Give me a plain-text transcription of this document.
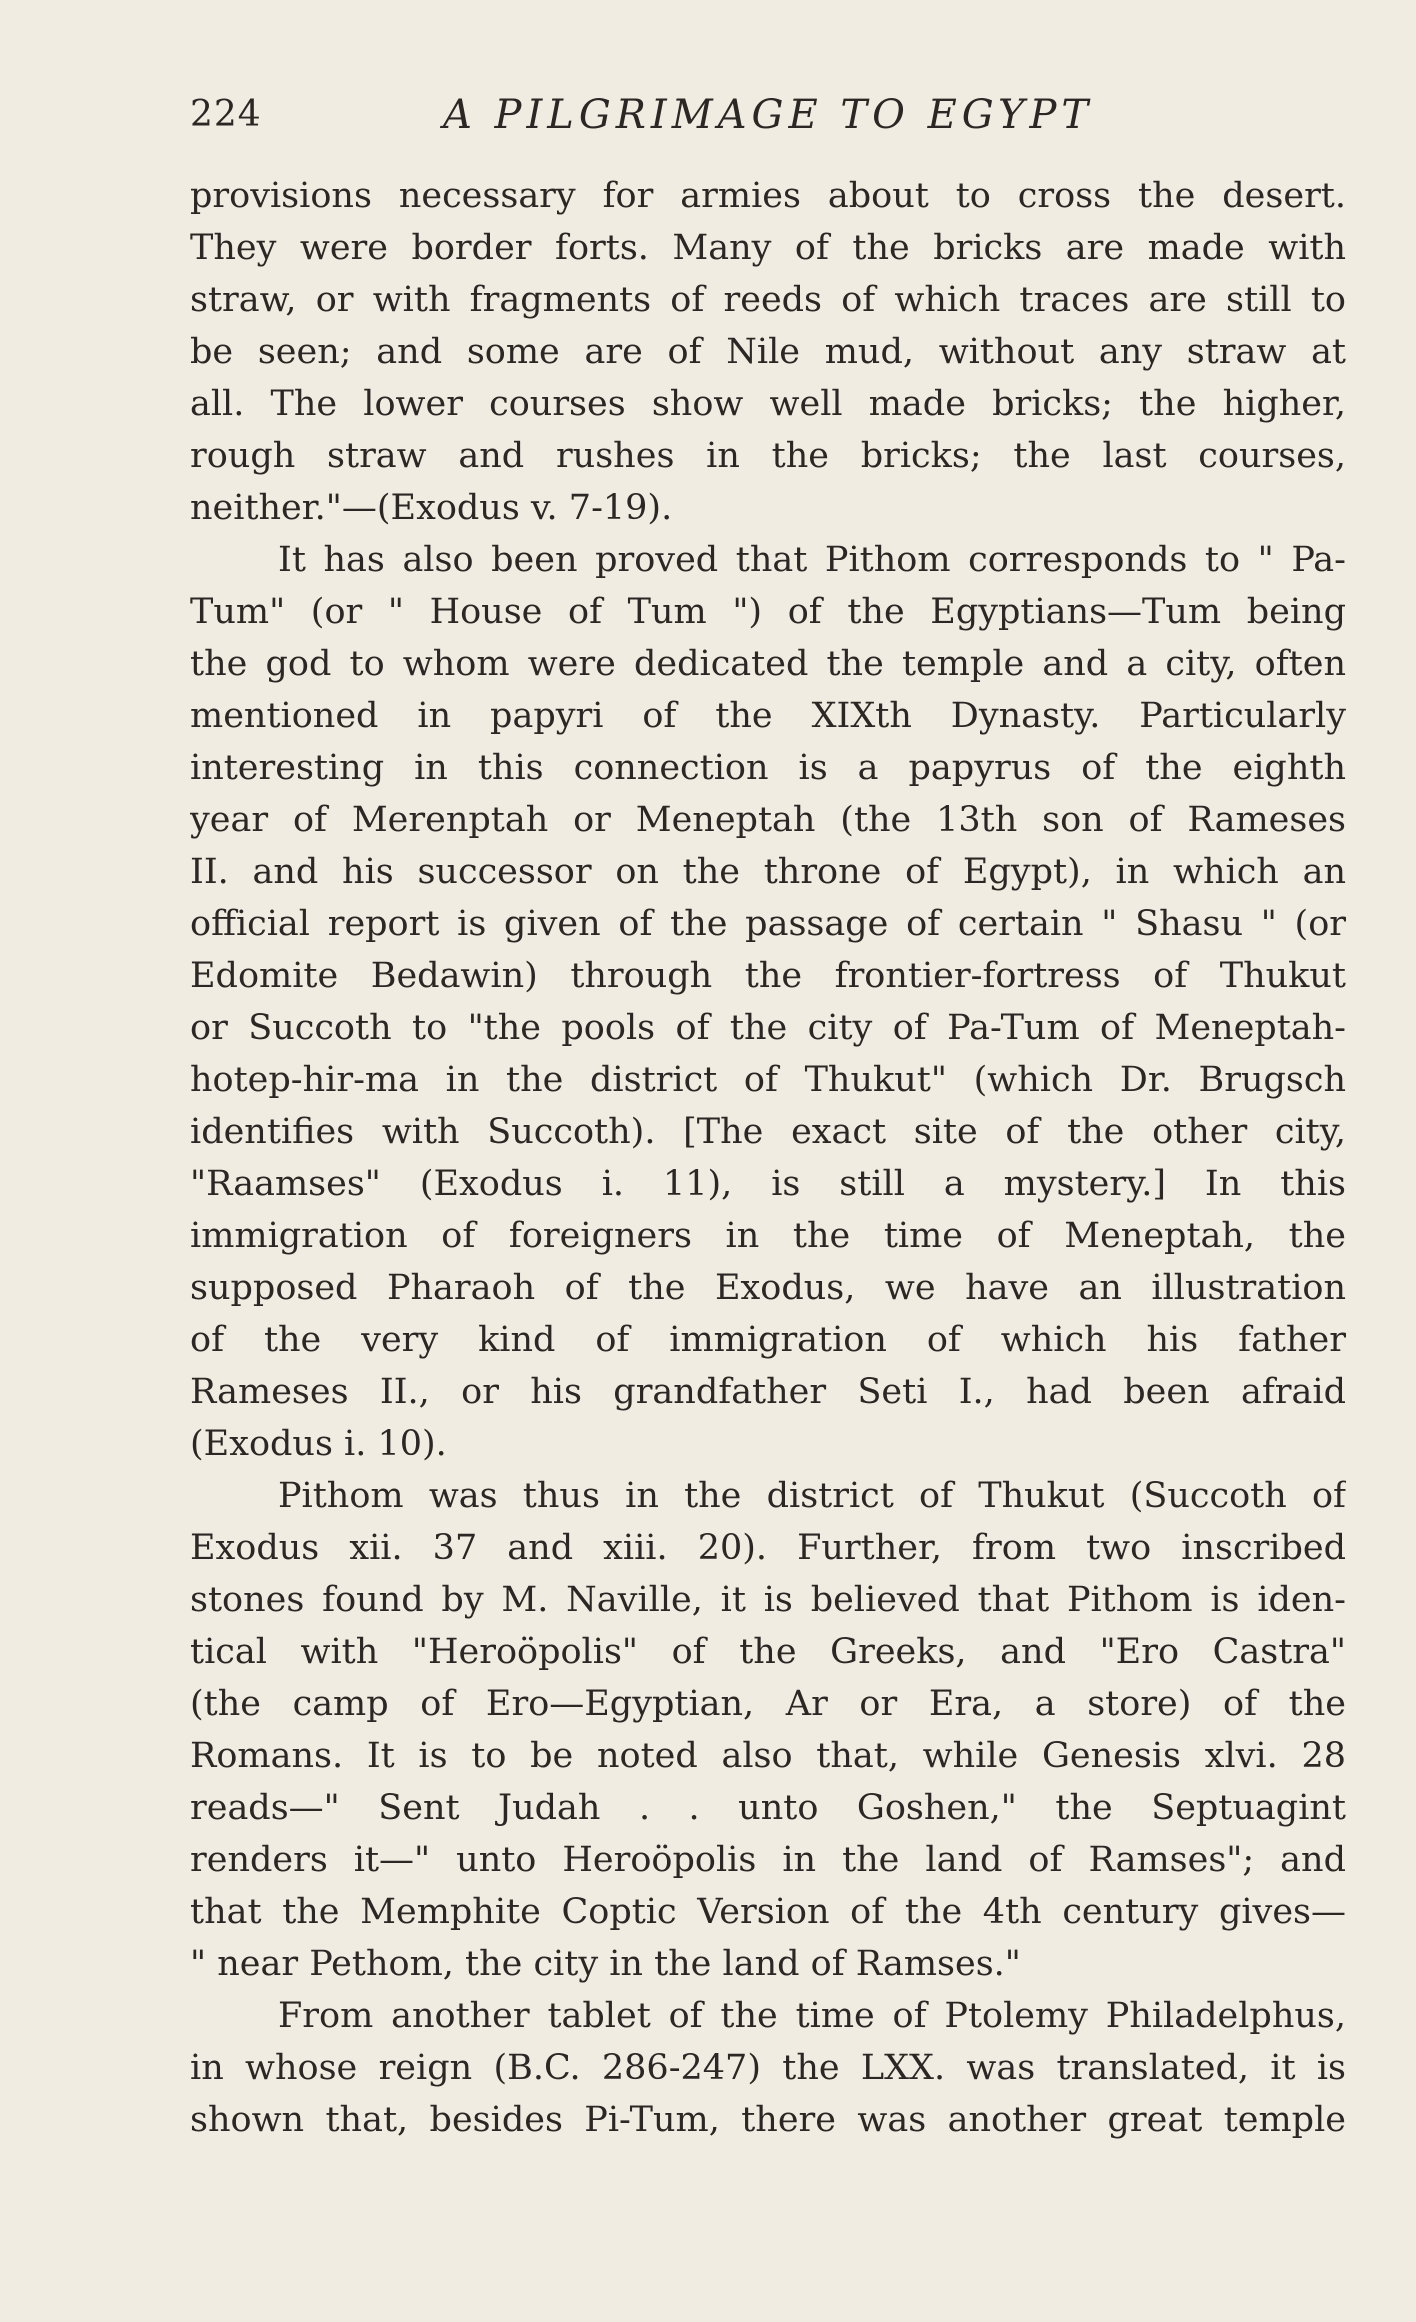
224	A PILGRIMAGE TO EGYPT
provisions necessary for armies about to cross the desert.
They were border forts. Many of the bricks are made with
straw, or with fragments of reeds of which traces are still to
be seen; and some are of Nile mud, without any straw at
all. The lower courses show well made bricks; the higher,
rough straw and rushes in the bricks; the last courses,
neither."—(Exodus v. 7-19).
It has also been proved that Pithom corresponds to " Pa-
Tum" (or " House of Tum ") of the Egyptians—Tum being
the god to whom were dedicated the temple and a city, often
mentioned in papyri of the XIXth Dynasty. Particularly
interesting in this connection is a papyrus of the eighth
year of Merenptah or Meneptah (the 13th son of Rameses
II. and his successor on the throne of Egypt), in which an
official report is given of the passage of certain " Shasu " (or
Edomite Bedawin) through the frontier-fortress of Thukut
or Succoth to "the pools of the city of Pa-Tum of Meneptah-
hotep-hir-ma in the district of Thukut" (which Dr. Brugsch
identifies with Succoth). [The exact site of the other city,
"Raamses" (Exodus i. 11), is still a mystery.] In this
immigration of foreigners in the time of Meneptah, the
supposed Pharaoh of the Exodus, we have an illustration
of the very kind of immigration of which his father
Rameses II., or his grandfather Seti I., had been afraid
(Exodus i. 10).
Pithom was thus in the district of Thukut (Succoth of
Exodus xii. 37 and xiii. 20). Further, from two inscribed
stones found by M. Naville, it is believed that Pithom is iden-
tical with "Heroöpolis" of the Greeks, and "Ero Castra"
(the camp of Ero—Egyptian, Ar or Era, a store) of the
Romans. It is to be noted also that, while Genesis xlvi. 28
reads—" Sent Judah . . unto Goshen," the Septuagint
renders it—" unto Heroöpolis in the land of Ramses"; and
that the Memphite Coptic Version of the 4th century gives—
" near Pethom, the city in the land of Ramses."
From another tablet of the time of Ptolemy Philadelphus,
in whose reign (B.C. 286-247) the LXX. was translated, it is
shown that, besides Pi-Tum, there was another great temple
